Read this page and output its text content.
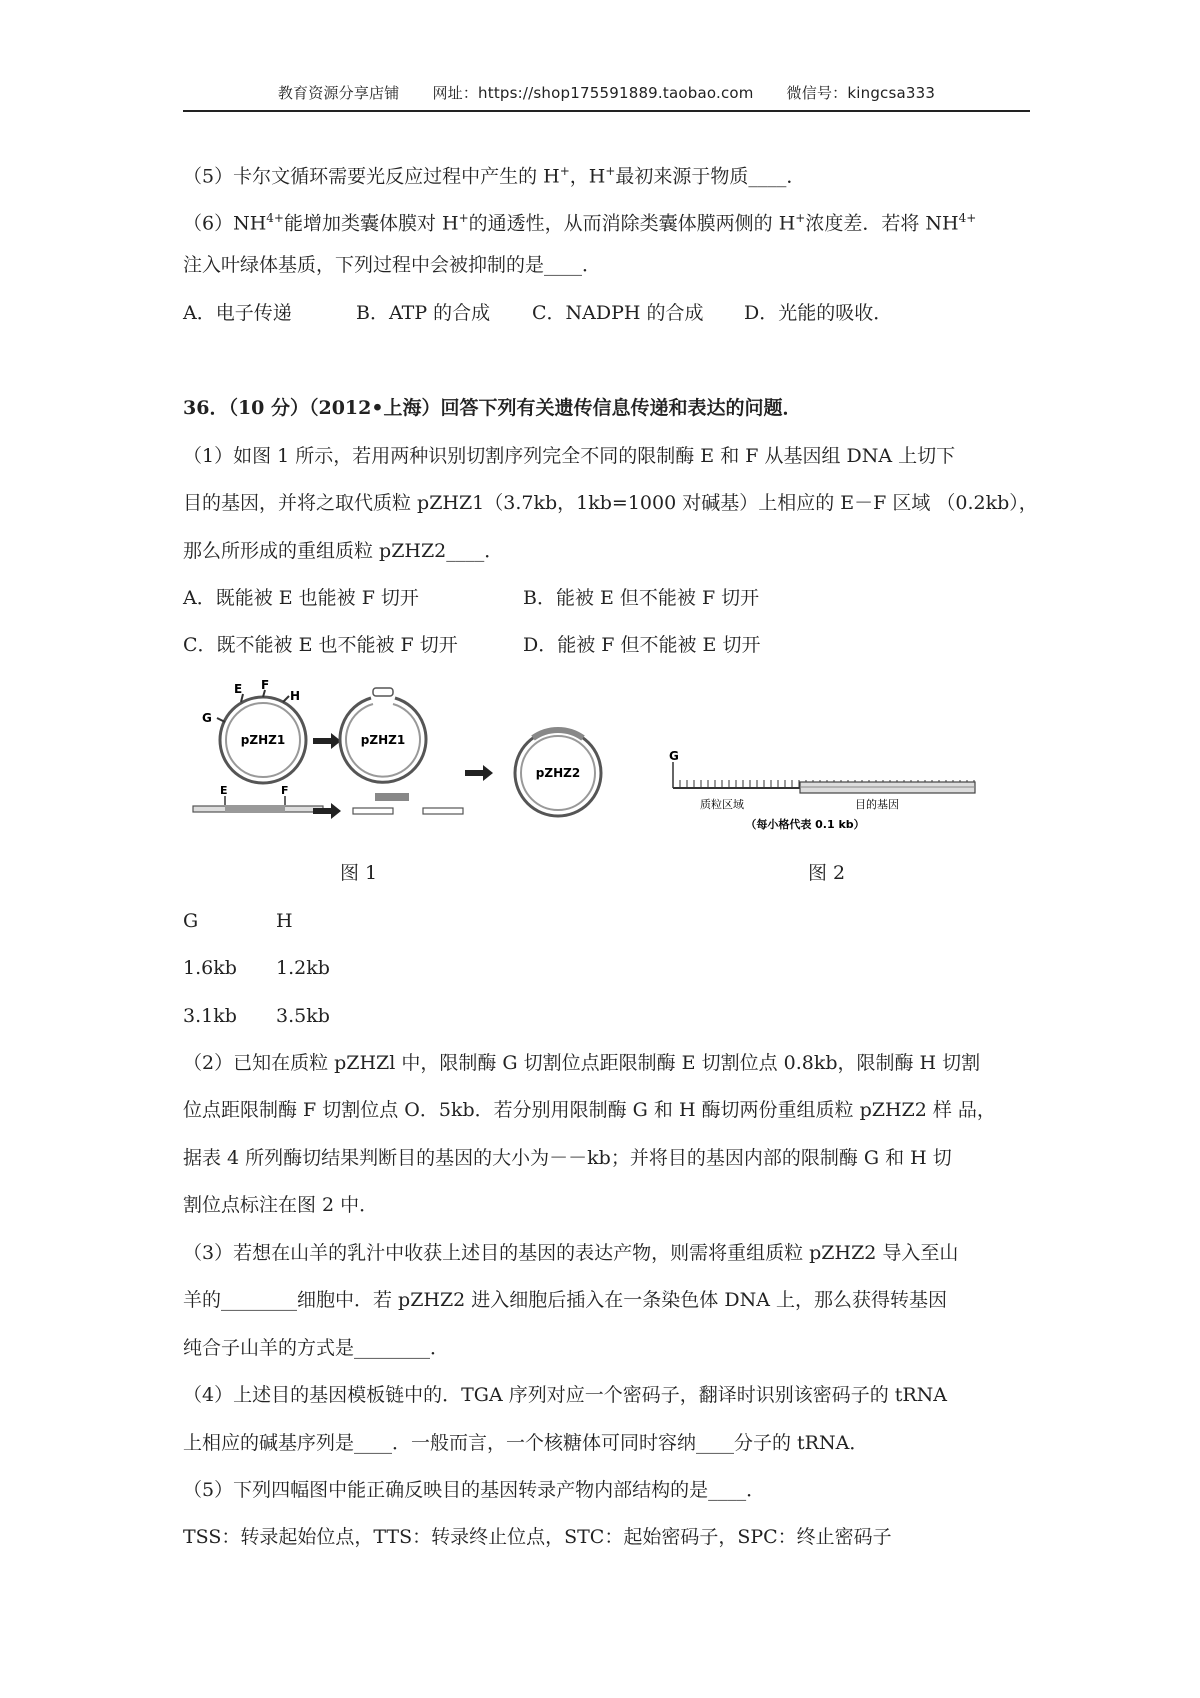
教育资源分享店铺 网址：https://shop175591889.taobao.com 微信号：kingcsa333
（5）卡尔文循环需要光反应过程中产生的 H+，H+最初来源于物质____．
$(6)NH^{4+}$能增加类囊体膜对 H+的通透性，从而消除类囊体膜两侧的 H+浓度差．若将 $NH^{4+}$
注入叶绿体基质，下列过程中会被抑制的是____．
A．电子传递	B．ATP 的合成 C．NADPH 的合成 D．光能的吸收．
36．（10 分）（2012•上海）回答下列有关遗传信息传递和表达的问题．
（1）如图 1 所示，若用两种识别切割序列完全不同的限制酶 E 和 F 从基因组 DNA 上切下
目的基因，并将之取代质粒 pZHZ1（3.7kb，1kb=1000 对碱基）上相应的 E－F 区域 （0.2kb），
那么所形成的重组质粒 pZHZ2____．
A．既能被 E 也能被 F 切开	B．能被 E 但不能被 F 切开
C．既不能被 E 也不能被 F 切开	D．能被 F 但不能被 E 切开
E F
H
G
pZHZ1
E	F
pZHZ1
pZHZ2
图 1
G
质粒区域	目的基因
（每小格代表 0.1 kb）
图 2
G	H
1.6kb 1.2kb
3.1kb 3.5kb
（2）已知在质粒 pZHZl 中，限制酶 G 切割位点距限制酶 E 切割位点 0.8kb，限制酶 H 切割
位点距限制酶 F 切割位点 O．5kb．若分别用限制酶 G 和 H 酶切两份重组质粒 pZHZ2 样 品，
据表 4 所列酶切结果判断目的基因的大小为－－kb；并将目的基因内部的限制酶 G 和 H 切
割位点标注在图 2 中．
（3）若想在山羊的乳汁中收获上述目的基因的表达产物，则需将重组质粒 pZHZ2 导入至山
羊的________细胞中．若 pZHZ2 进入细胞后插入在一条染色体 DNA 上，那么获得转基因
纯合子山羊的方式是________．
（4）上述目的基因模板链中的．TGA 序列对应一个密码子，翻译时识别该密码子的 tRNA
上相应的碱基序列是____．一般而言，一个核糖体可同时容纳____分子的 tRNA．
（5）下列四幅图中能正确反映目的基因转录产物内部结构的是____．
TSS：转录起始位点，TTS：转录终止位点，STC：起始密码子，SPC：终止密码子
